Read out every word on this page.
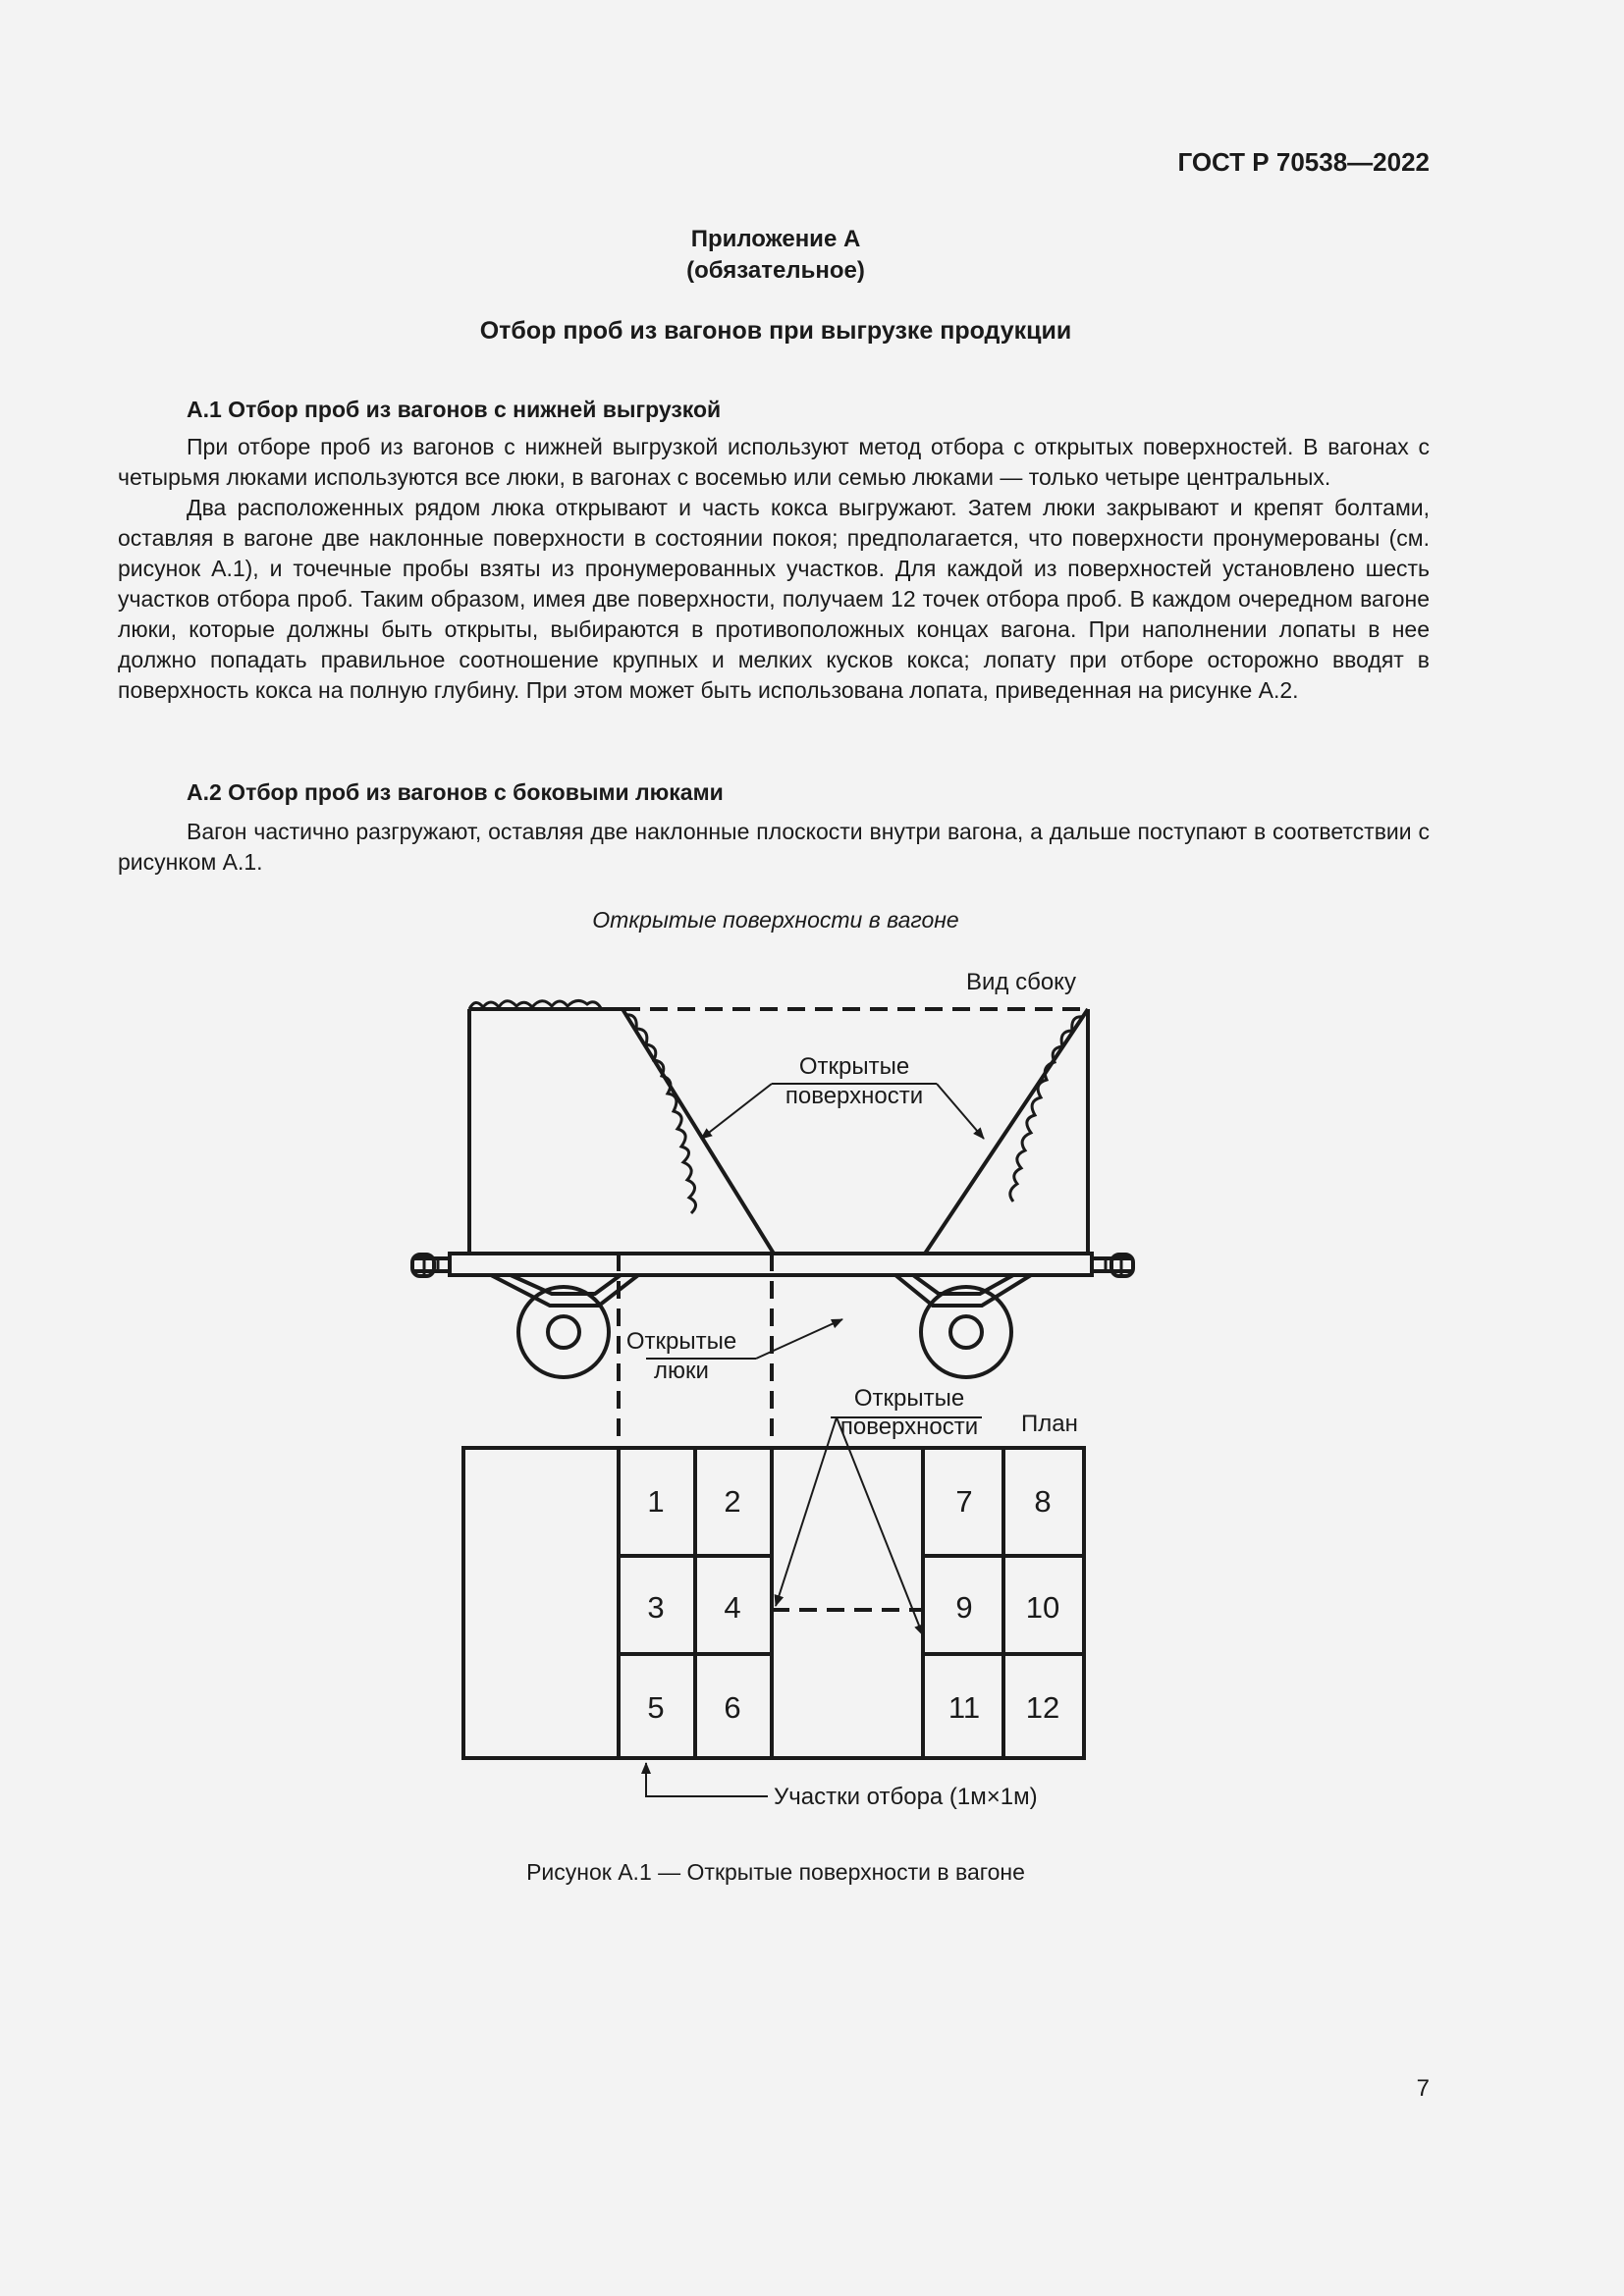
ГОСТ Р 70538—2022
Приложение А
(обязательное)
Отбор проб из вагонов при выгрузке продукции
А.1 Отбор проб из вагонов с нижней выгрузкой

При отборе проб из вагонов с нижней выгрузкой используют метод отбора с открытых поверхностей. В вагонах с четырьмя люками используются все люки, в вагонах с восемью или семью люками — только четыре центральных.

Два расположенных рядом люка открывают и часть кокса выгружают. Затем люки закрывают и крепят болтами, оставляя в вагоне две наклонные поверхности в состоянии покоя; предполагается, что поверхности пронумерованы (см. рисунок А.1), и точечные пробы взяты из пронумерованных участков. Для каждой из поверхностей установлено шесть участков отбора проб. Таким образом, имея две поверхности, получаем 12 точек отбора проб. В каждом очередном вагоне люки, которые должны быть открыты, выбираются в противоположных концах вагона. При наполнении лопаты в нее должно попадать правильное соотношение крупных и мелких кусков кокса; лопату при отборе осторожно вводят в поверхность кокса на полную глубину. При этом может быть использована лопата, приведенная на рисунке А.2.

А.2 Отбор проб из вагонов с боковыми люками

Вагон частично разгружают, оставляя две наклонные плоскости внутри вагона, а дальше поступают в соответствии с рисунком А.1.

Открытые поверхности в вагоне
Вид сбоку
Открытые
поверхности
Открытые
люки
Открытые
поверхности План
1 2
3 4
5 6
7 8
9 10
11 12
Участки отбора (1м×1м)
Рисунок А.1 — Открытые поверхности в вагоне
7
